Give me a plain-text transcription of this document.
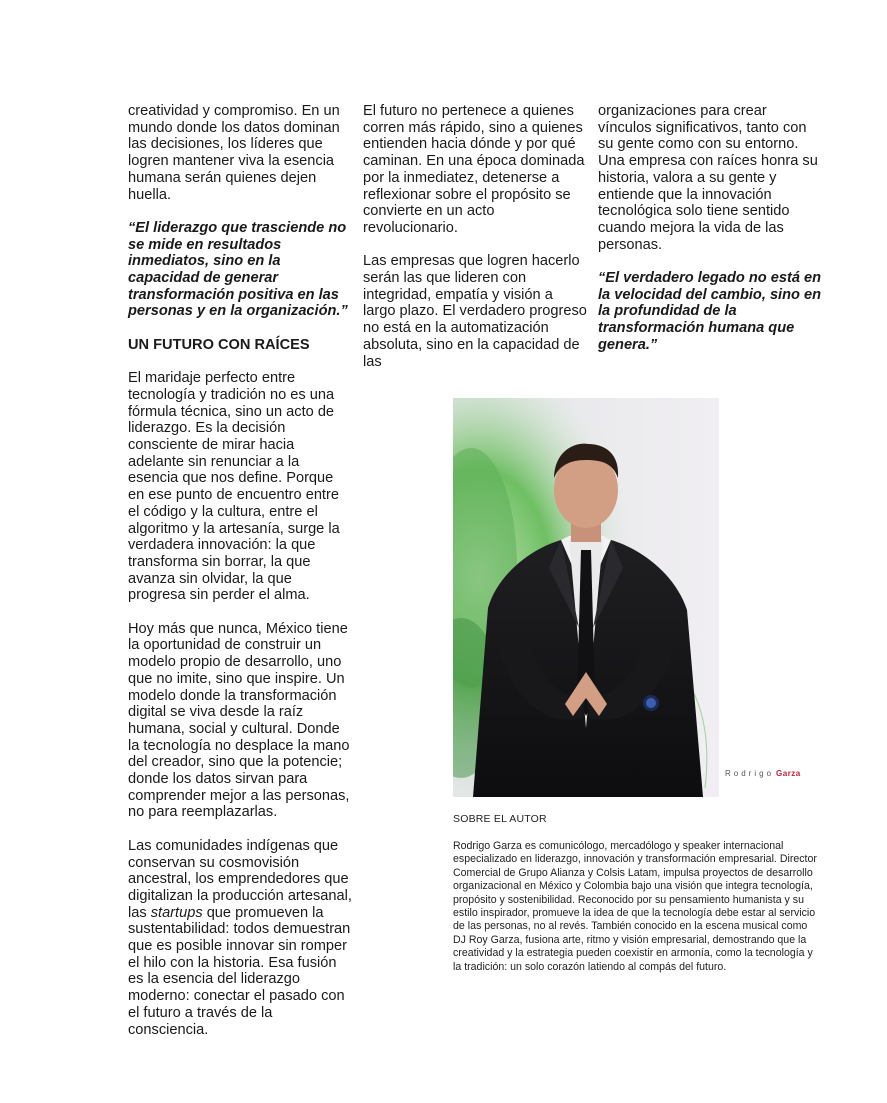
creatividad y compromiso. En un mundo donde los datos dominan las decisiones, los líderes que logren mantener viva la esencia humana serán quienes dejen huella.

“El liderazgo que trasciende no se mide en resultados inmediatos, sino en la capacidad de generar transformación positiva en las personas y en la organización.”

UN FUTURO CON RAÍCES

El maridaje perfecto entre tecnología y tradición no es una fórmula técnica, sino un acto de liderazgo. Es la decisión consciente de mirar hacia adelante sin renunciar a la esencia que nos define. Porque en ese punto de encuentro entre el código y la cultura, entre el algoritmo y la artesanía, surge la verdadera innovación: la que transforma sin borrar, la que avanza sin olvidar, la que progresa sin perder el alma.

Hoy más que nunca, México tiene la oportunidad de construir un modelo propio de desarrollo, uno que no imite, sino que inspire. Un modelo donde la transformación digital se viva desde la raíz humana, social y cultural. Donde la tecnología no desplace la mano del creador, sino que la potencie; donde los datos sirvan para comprender mejor a las personas, no para reemplazarlas.

Las comunidades indígenas que conservan su cosmovisión ancestral, los emprendedores que digitalizan la producción artesanal, las startups que promueven la sustentabilidad: todos demuestran que es posible innovar sin romper el hilo con la historia. Esa fusión es la esencia del liderazgo moderno: conectar el pasado con el futuro a través de la consciencia.

El futuro no pertenece a quienes corren más rápido, sino a quienes entienden hacia dónde y por qué caminan. En una época dominada por la inmediatez, detenerse a reflexionar sobre el propósito se convierte en un acto revolucionario.

Las empresas que logren hacerlo serán las que lideren con integridad, empatía y visión a largo plazo. El verdadero progreso no está en la automatización absoluta, sino en la capacidad de las

organizaciones para crear vínculos significativos, tanto con su gente como con su entorno. Una empresa con raíces honra su historia, valora a su gente y entiende que la innovación tecnológica solo tiene sentido cuando mejora la vida de las personas.

“El verdadero legado no está en la velocidad del cambio, sino en la profundidad de la transformación humana que genera.”

Rodrigo Garza
SOBRE EL AUTOR
Rodrigo Garza es comunicólogo, mercadólogo y speaker internacional especializado en liderazgo, innovación y transformación empresarial. Director Comercial de Grupo Alianza y Colsis Latam, impulsa proyectos de desarrollo organizacional en México y Colombia bajo una visión que integra tecnología, propósito y sostenibilidad. Reconocido por su pensamiento humanista y su estilo inspirador, promueve la idea de que la tecnología debe estar al servicio de las personas, no al revés. También conocido en la escena musical como DJ Roy Garza, fusiona arte, ritmo y visión empresarial, demostrando que la creatividad y la estrategia pueden coexistir en armonía, como la tecnología y la tradición: un solo corazón latiendo al compás del futuro.
